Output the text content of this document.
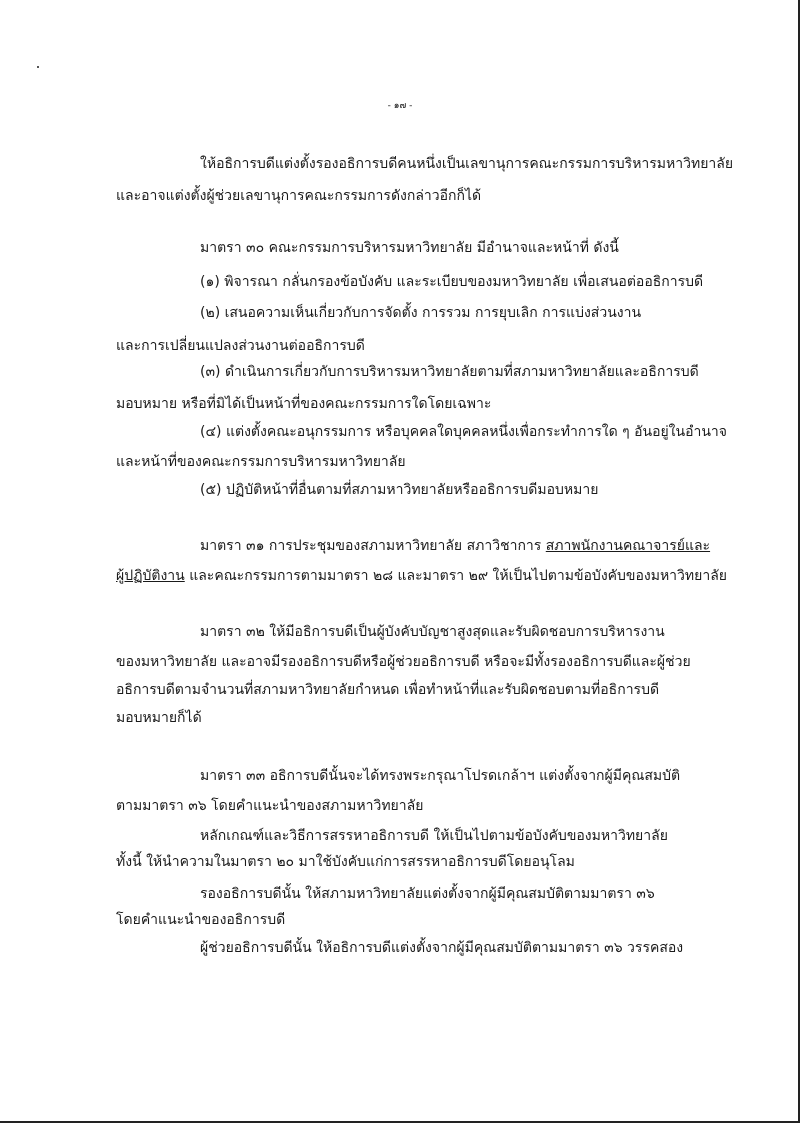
- ๑๗ -
ให้อธิการบดีแต่งตั้งรองอธิการบดีคนหนึ่งเป็นเลขานุการคณะกรรมการบริหารมหาวิทยาลัย
และอาจแต่งตั้งผู้ช่วยเลขานุการคณะกรรมการดังกล่าวอีกก็ได้
มาตรา ๓๐ คณะกรรมการบริหารมหาวิทยาลัย มีอำนาจและหน้าที่ ดังนี้
(๑) พิจารณา กลั่นกรองข้อบังคับ และระเบียบของมหาวิทยาลัย เพื่อเสนอต่ออธิการบดี
(๒) เสนอความเห็นเกี่ยวกับการจัดตั้ง การรวม การยุบเลิก การแบ่งส่วนงาน
และการเปลี่ยนแปลงส่วนงานต่ออธิการบดี
(๓) ดำเนินการเกี่ยวกับการบริหารมหาวิทยาลัยตามที่สภามหาวิทยาลัยและอธิการบดี
มอบหมาย หรือที่มิได้เป็นหน้าที่ของคณะกรรมการใดโดยเฉพาะ
(๔) แต่งตั้งคณะอนุกรรมการ หรือบุคคลใดบุคคลหนึ่งเพื่อกระทำการใด ๆ อันอยู่ในอำนาจ
และหน้าที่ของคณะกรรมการบริหารมหาวิทยาลัย
(๕) ปฏิบัติหน้าที่อื่นตามที่สภามหาวิทยาลัยหรืออธิการบดีมอบหมาย
มาตรา ๓๑ การประชุมของสภามหาวิทยาลัย สภาวิชาการ สภาพนักงานคณาจารย์และ
ผู้ปฏิบัติงาน และคณะกรรมการตามมาตรา ๒๘ และมาตรา ๒๙ ให้เป็นไปตามข้อบังคับของมหาวิทยาลัย
มาตรา ๓๒ ให้มีอธิการบดีเป็นผู้บังคับบัญชาสูงสุดและรับผิดชอบการบริหารงาน
ของมหาวิทยาลัย และอาจมีรองอธิการบดีหรือผู้ช่วยอธิการบดี หรือจะมีทั้งรองอธิการบดีและผู้ช่วย
อธิการบดีตามจำนวนที่สภามหาวิทยาลัยกำหนด เพื่อทำหน้าที่และรับผิดชอบตามที่อธิการบดี
มอบหมายก็ได้
มาตรา ๓๓ อธิการบดีนั้นจะได้ทรงพระกรุณาโปรดเกล้าฯ แต่งตั้งจากผู้มีคุณสมบัติ
ตามมาตรา ๓๖ โดยคำแนะนำของสภามหาวิทยาลัย
หลักเกณฑ์และวิธีการสรรหาอธิการบดี ให้เป็นไปตามข้อบังคับของมหาวิทยาลัย
ทั้งนี้ ให้นำความในมาตรา ๒๐ มาใช้บังคับแก่การสรรหาอธิการบดีโดยอนุโลม
รองอธิการบดีนั้น ให้สภามหาวิทยาลัยแต่งตั้งจากผู้มีคุณสมบัติตามมาตรา ๓๖
โดยคำแนะนำของอธิการบดี
ผู้ช่วยอธิการบดีนั้น ให้อธิการบดีแต่งตั้งจากผู้มีคุณสมบัติตามมาตรา ๓๖ วรรคสอง
